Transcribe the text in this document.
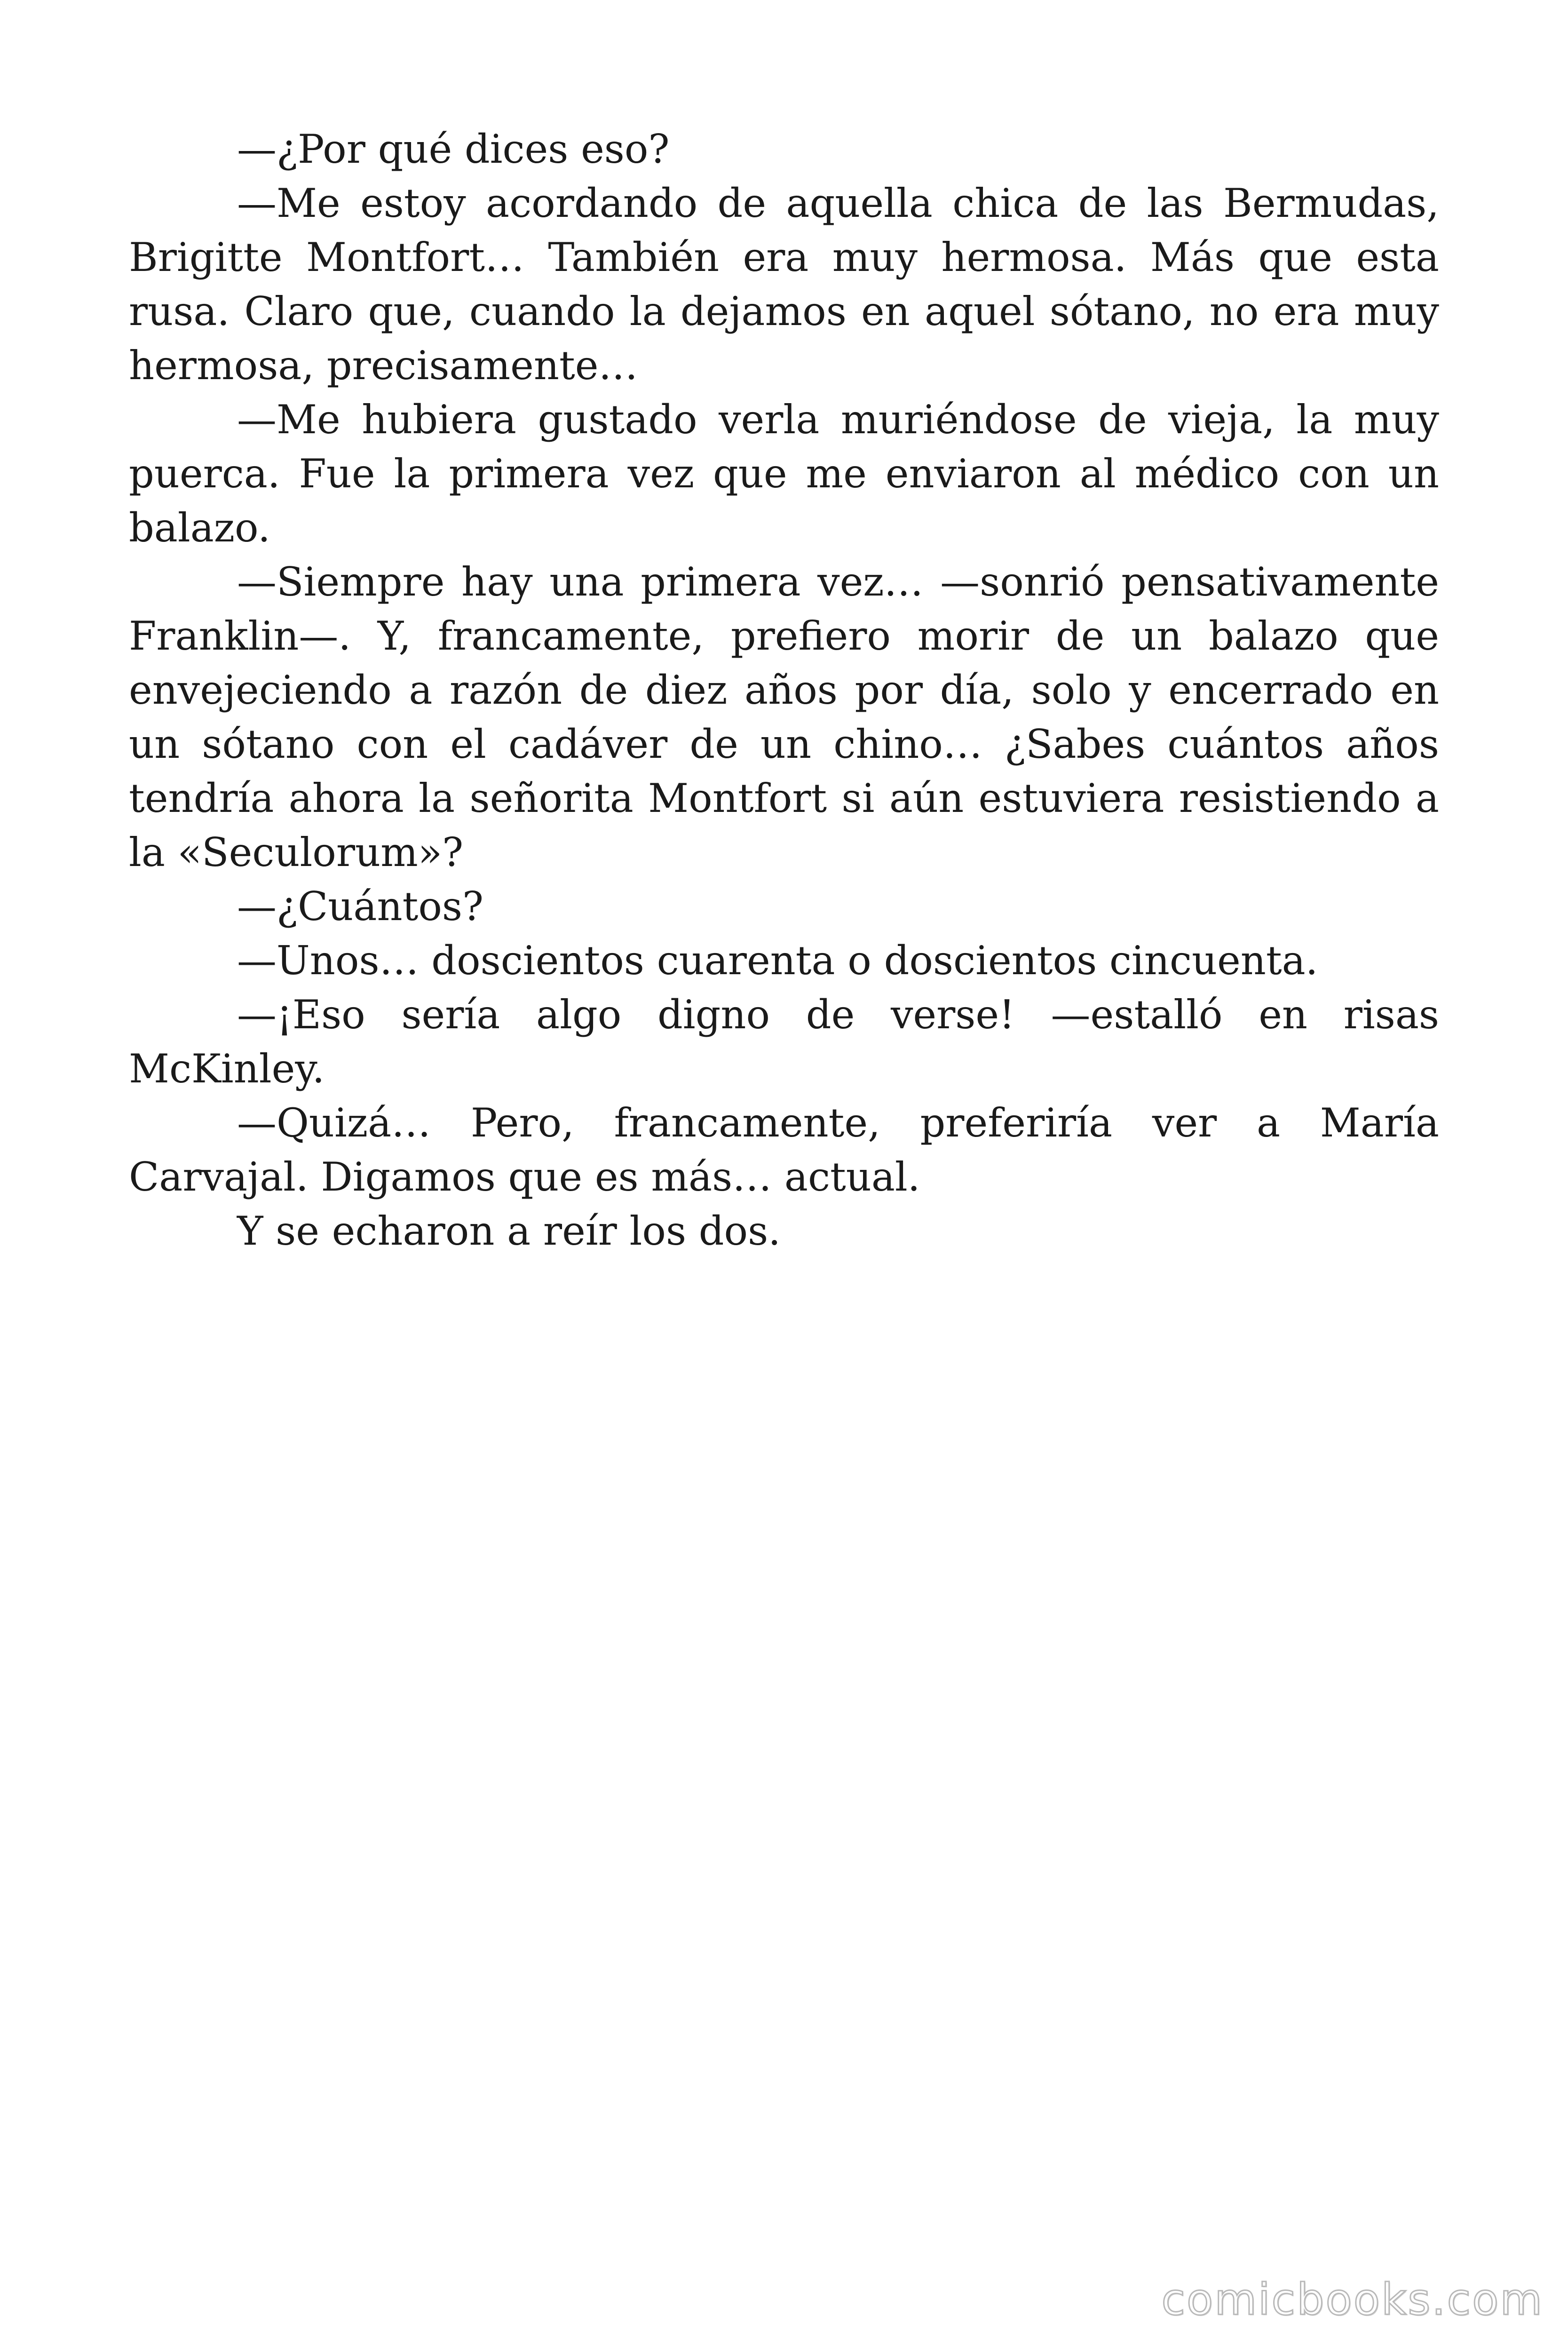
—¿Por qué dices eso?

—Me estoy acordando de aquella chica de las Bermudas, Brigitte Montfort… También era muy hermosa. Más que esta rusa. Claro que, cuando la dejamos en aquel sótano, no era muy hermosa, precisamente…

—Me hubiera gustado verla muriéndose de vieja, la muy puerca. Fue la primera vez que me enviaron al médico con un balazo.

—Siempre hay una primera vez… —sonrió pensativamente Franklin—. Y, francamente, prefiero morir de un balazo que envejeciendo a razón de diez años por día, solo y encerrado en un sótano con el cadáver de un chino… ¿Sabes cuántos años tendría ahora la señorita Montfort si aún estuviera resistiendo a la «Seculorum»?

—¿Cuántos?

—Unos… doscientos cuarenta o doscientos cincuenta.

—¡Eso sería algo digno de verse! —estalló en risas McKinley.

—Quizá… Pero, francamente, preferiría ver a María Carvajal. Digamos que es más… actual.

Y se echaron a reír los dos.

comicbooks.com
